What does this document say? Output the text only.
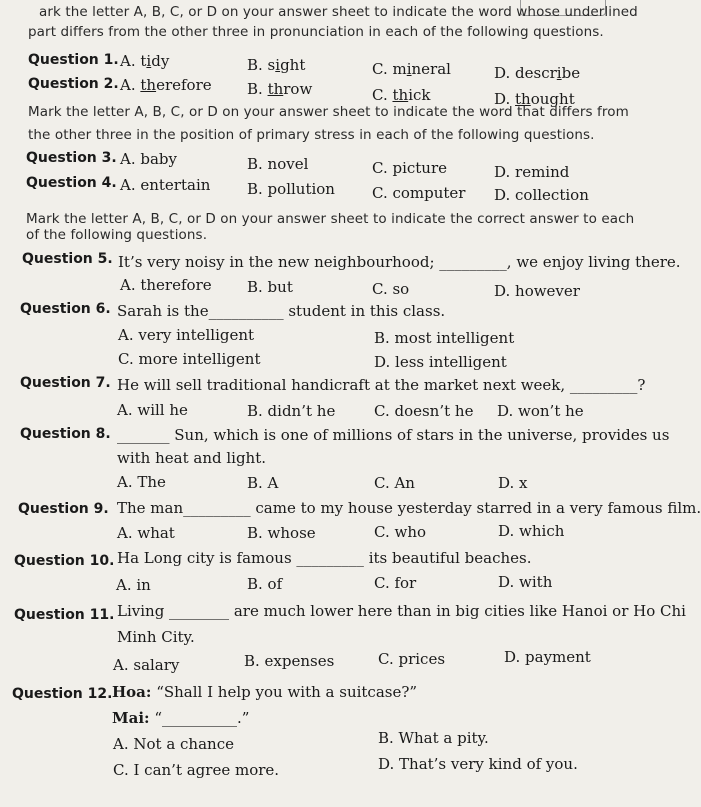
ark the letter A, B, C, or D on your answer sheet to indicate the word whose underlined
part differs from the other three in pronunciation in each of the following questions.
Question 1. A. tidy	B. sight	C. mineral	D. describe
Question 2. A. therefore B. throw	C. thick	D. thought
Mark the letter A, B, C, or D on your answer sheet to indicate the word that differs from
the other three in the position of primary stress in each of the following questions.
Question 3. A. baby	B. novel	C. picture	D. remind
Question 4. A. entertain B. pollution C. computer D. collection
Mark the letter A, B, C, or D on your answer sheet to indicate the correct answer to each
of the following questions.
Question 5. It’s very noisy in the new neighbourhood; _________, we enjoy living there.
A. therefore B. but	C. so	D. however
Question 6. Sarah is the__________ student in this class.
A. very intelligent	B. most intelligent
C. more intelligent	D. less intelligent
Question 7. He will sell traditional handicraft at the market next week, _________?
A. will he	B. didn’t he	C. doesn’t he D. won’t he
Question 8. _______ Sun, which is one of millions of stars in the universe, provides us
with heat and light.
A. The	B. A	C. An	D. x
Question 9. The man_________ came to my house yesterday starred in a very famous film.
A. what	B. whose	C. who	D. which
Question 10. Ha Long city is famous _________ its beautiful beaches.
A. in	B. of	C. for	D. with
Question 11. Living ________ are much lower here than in big cities like Hanoi or Ho Chi
Minh City.
A. salary	B. expenses	C. prices	D. payment
Question 12. Hoa: “Shall I help you with a suitcase?”
Mai: “__________.”
A. Not a chance	B. What a pity.
C. I can’t agree more.	D. That’s very kind of you.
